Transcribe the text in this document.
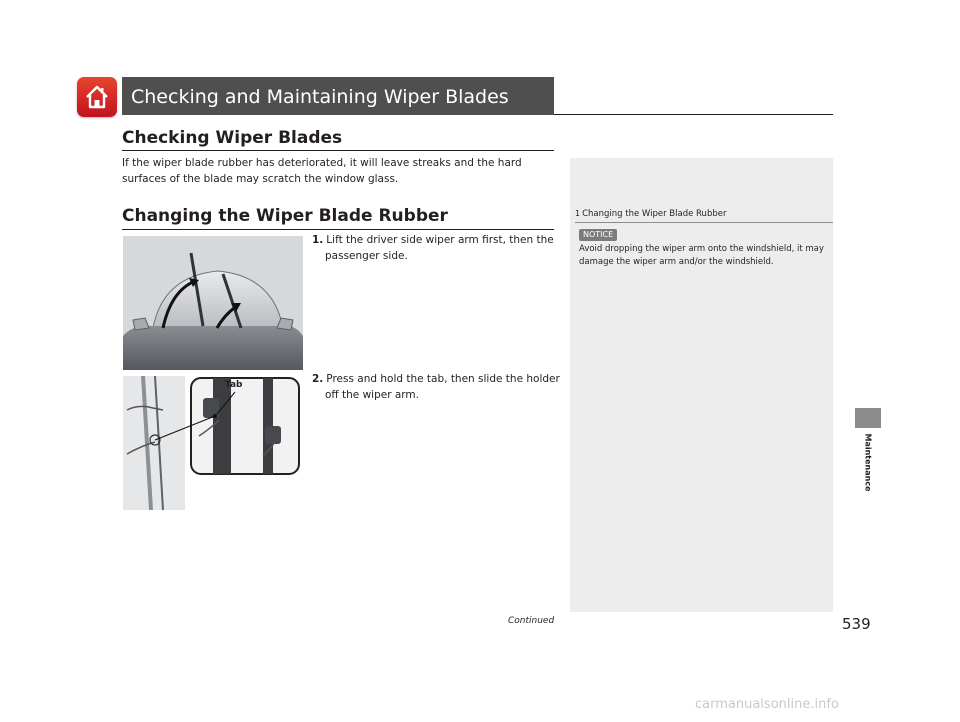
Checking and Maintaining Wiper Blades
Checking Wiper Blades
If the wiper blade rubber has deteriorated, it will leave streaks and the hard surfaces of the blade may scratch the window glass.
Changing the Wiper Blade Rubber
1. Lift the driver side wiper arm first, then the passenger side.
Tab	2. Press and hold the tab, then slide the holder off the wiper arm.
1 Changing the Wiper Blade Rubber
NOTICE
Avoid dropping the wiper arm onto the windshield, it may damage the wiper arm and/or the windshield.
Maintenance
Continued	539
carmanualsonline.info
